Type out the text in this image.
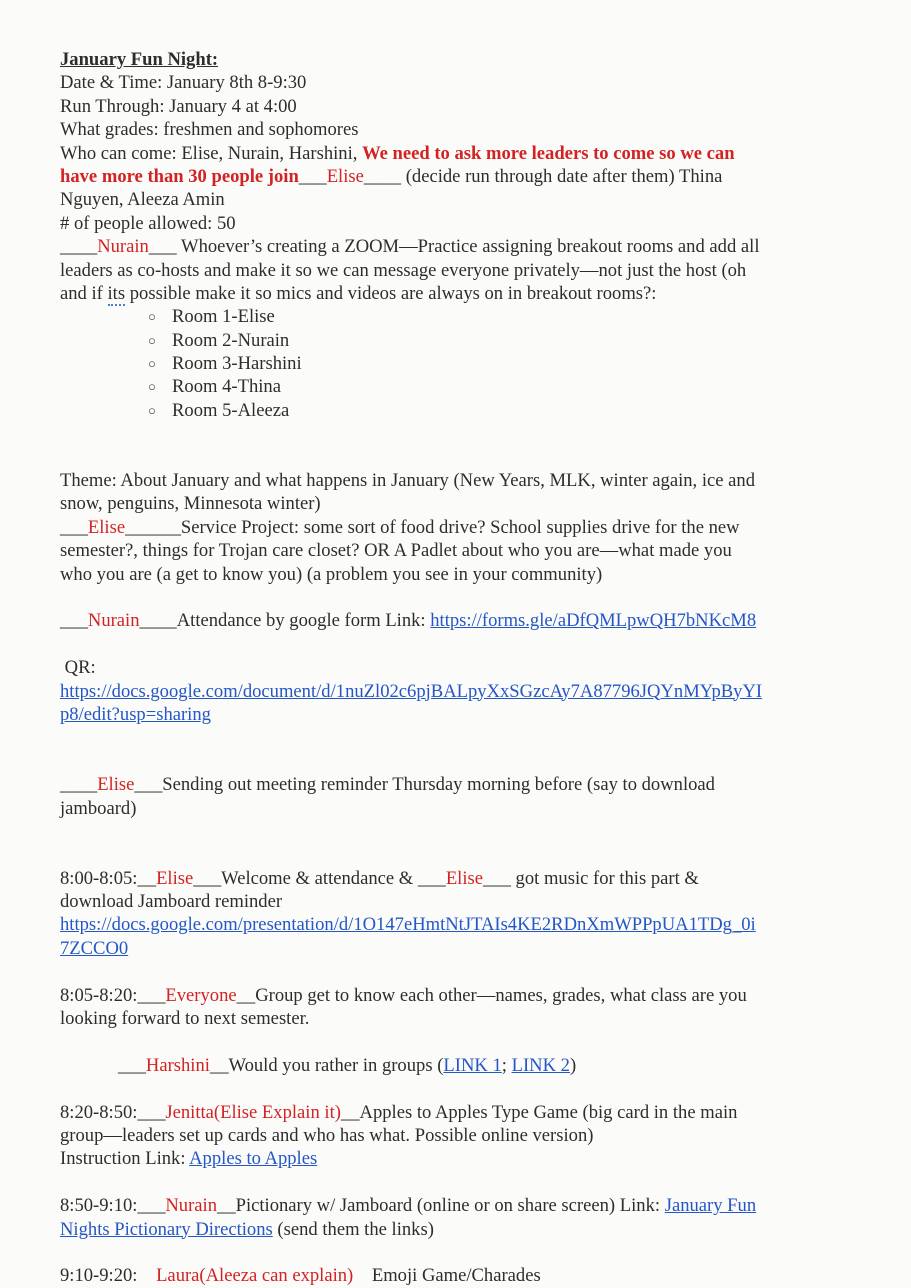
January Fun Night:
Date & Time: January 8th 8-9:30
Run Through: January 4 at 4:00
What grades: freshmen and sophomores
Who can come: Elise, Nurain, Harshini, We need to ask more leaders to come so we can
have more than 30 people join___Elise____ (decide run through date after them) Thina
Nguyen, Aleeza Amin
# of people allowed: 50
____Nurain___ Whoever’s creating a ZOOM—Practice assigning breakout rooms and add all
leaders as co-hosts and make it so we can message everyone privately—not just the host (oh
and if its possible make it so mics and videos are always on in breakout rooms?:
○ Room 1-Elise
○ Room 2-Nurain
○ Room 3-Harshini
○ Room 4-Thina
○ Room 5-Aleeza
Theme: About January and what happens in January (New Years, MLK, winter again, ice and
snow, penguins, Minnesota winter)
___Elise______Service Project: some sort of food drive? School supplies drive for the new
semester?, things for Trojan care closet? OR A Padlet about who you are—what made you
who you are (a get to know you) (a problem you see in your community)
___Nurain____Attendance by google form Link: https://forms.gle/aDfQMLpwQH7bNKcM8
QR:
https://docs.google.com/document/d/1nuZl02c6pjBALpyXxSGzcAy7A87796JQYnMYpByYI
p8/edit?usp=sharing
____Elise___Sending out meeting reminder Thursday morning before (say to download
jamboard)
8:00-8:05:__Elise___Welcome & attendance & ___Elise___ got music for this part &
download Jamboard reminder
https://docs.google.com/presentation/d/1O147eHmtNtJTAIs4KE2RDnXmWPPpUA1TDg_0i
7ZCCO0
8:05-8:20:___Everyone__Group get to know each other—names, grades, what class are you
looking forward to next semester.
___Harshini__Would you rather in groups (LINK 1; LINK 2)
8:20-8:50:___Jenitta(Elise Explain it)__Apples to Apples Type Game (big card in the main
group—leaders set up cards and who has what. Possible online version)
Instruction Link: Apples to Apples
8:50-9:10:___Nurain__Pictionary w/ Jamboard (online or on share screen) Link: January Fun
Nights Pictionary Directions (send them the links)
9:10-9:20:    Laura(Aleeza can explain)    Emoji Game/Charades
